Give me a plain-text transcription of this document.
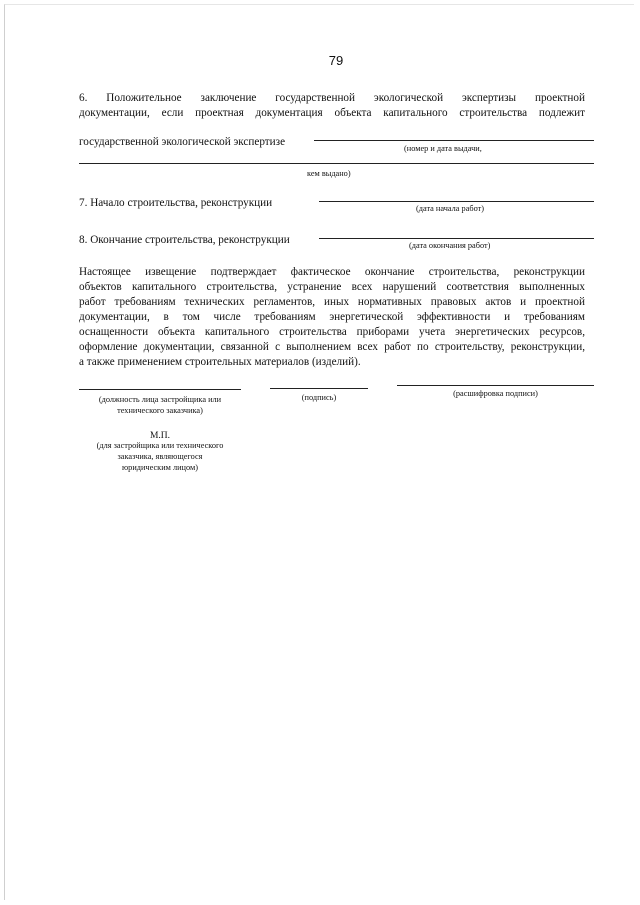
79
6. Положительное заключение государственной экологической экспертизы проектной
документации, если проектная документация объекта капитального строительства подлежит
государственной экологической экспертизе
(номер и дата выдачи,
кем выдано)
7. Начало строительства, реконструкции	(дата начала работ)
8. Окончание строительства, реконструкции	(дата окончания работ)
Настоящее извещение подтверждает фактическое окончание строительства, реконструкции
объектов капитального строительства, устранение всех нарушений соответствия выполненных
работ требованиям технических регламентов, иных нормативных правовых актов и проектной
документации, в том числе требованиям энергетической эффективности и требованиям
оснащенности объекта капитального строительства приборами учета энергетических ресурсов,
оформление документации, связанной с выполнением всех работ по строительству, реконструкции,
а также применением строительных материалов (изделий).
(должность лица застройщика или
технического заказчика)
(подпись)	(расшифровка подписи)
М.П.
(для застройщика или технического
заказчика, являющегося
юридическим лицом)
